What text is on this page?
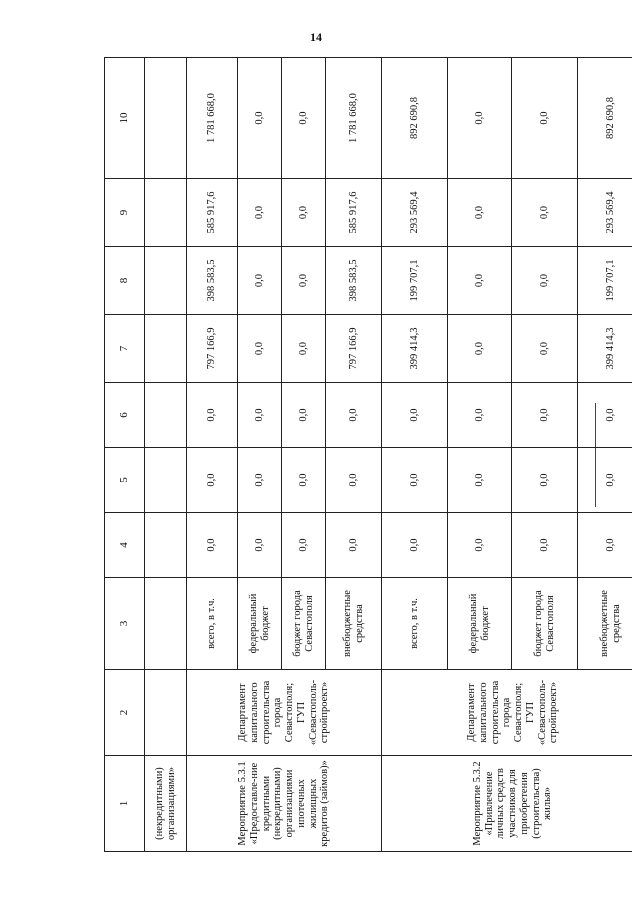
14
1	2	3	4	5	6	7	8	9	10
(некредитными) организациями»									
Мероприятие 5.3.1 «Предоставле-ние кредитными (некредитными) организациями ипотечных жилищных кредитов (займов)»	Департамент капитального строительства города Севастополя; ГУП «Севастополь-стройпроект»	всего, в т.ч.	0,0	0,0	0,0	797 166,9	398 583,5	585 917,6	1 781 668,0
		федеральный бюджет	0,0	0,0	0,0	0,0	0,0	0,0	0,0
		бюджет города Севастополя	0,0	0,0	0,0	0,0	0,0	0,0	0,0
		внебюджетные средства	0,0	0,0	0,0	797 166,9	398 583,5	585 917,6	1 781 668,0
Мероприятие 5.3.2 «Привлечение личных средств участников для приобретения (строительства) жилья»	Департамент капитального строительства города Севастополя; ГУП «Севастополь-стройпроект»	всего, в т.ч.	0,0	0,0	0,0	399 414,3	199 707,1	293 569,4	892 690,8
		федеральный бюджет	0,0	0,0	0,0	0,0	0,0	0,0	0,0
		бюджет города Севастополя	0,0	0,0	0,0	0,0	0,0	0,0	0,0
		внебюджетные средства	0,0	0,0	0,0	399 414,3	199 707,1	293 569,4	892 690,8
